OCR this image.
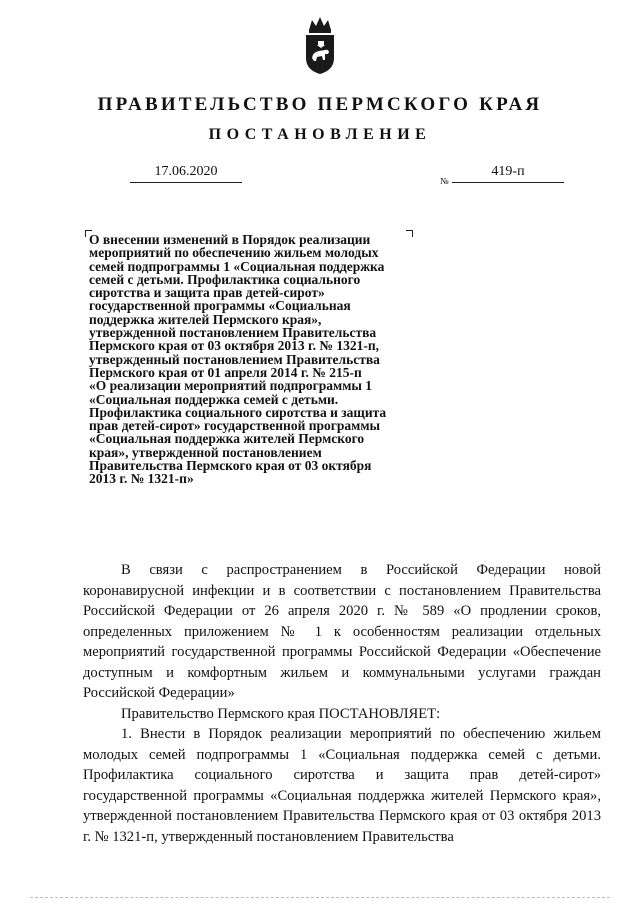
ПРАВИТЕЛЬСТВО ПЕРМСКОГО КРАЯ
ПОСТАНОВЛЕНИЕ
17.06.2020
№
419-п
О внесении изменений в Порядок реализации
мероприятий по обеспечению жильем молодых
семей подпрограммы 1 «Социальная поддержка
семей с детьми. Профилактика социального
сиротства и защита прав детей-сирот»
государственной программы «Социальная
поддержка жителей Пермского края»,
утвержденной постановлением Правительства
Пермского края от 03 октября 2013 г. № 1321-п,
утвержденный постановлением Правительства
Пермского края от 01 апреля 2014 г. № 215-п
«О реализации мероприятий подпрограммы 1
«Социальная поддержка семей с детьми.
Профилактика социального сиротства и защита
прав детей-сирот» государственной программы
«Социальная поддержка жителей Пермского
края», утвержденной постановлением
Правительства Пермского края от 03 октября
2013 г. № 1321-п»

В связи с распространением в Российской Федерации новой коронавирусной инфекции и в соответствии с постановлением Правительства Российской Федерации от 26 апреля 2020 г. № 589 «О продлении сроков, определенных приложением № 1 к особенностям реализации отдельных мероприятий государственной программы Российской Федерации «Обеспечение доступным и комфортным жильем и коммунальными услугами граждан Российской Федерации»

Правительство Пермского края ПОСТАНОВЛЯЕТ:

1. Внести в Порядок реализации мероприятий по обеспечению жильем молодых семей подпрограммы 1 «Социальная поддержка семей с детьми. Профилактика социального сиротства и защита прав детей-сирот» государственной программы «Социальная поддержка жителей Пермского края», утвержденной постановлением Правительства Пермского края от 03 октября 2013 г. № 1321-п, утвержденный постановлением Правительства
